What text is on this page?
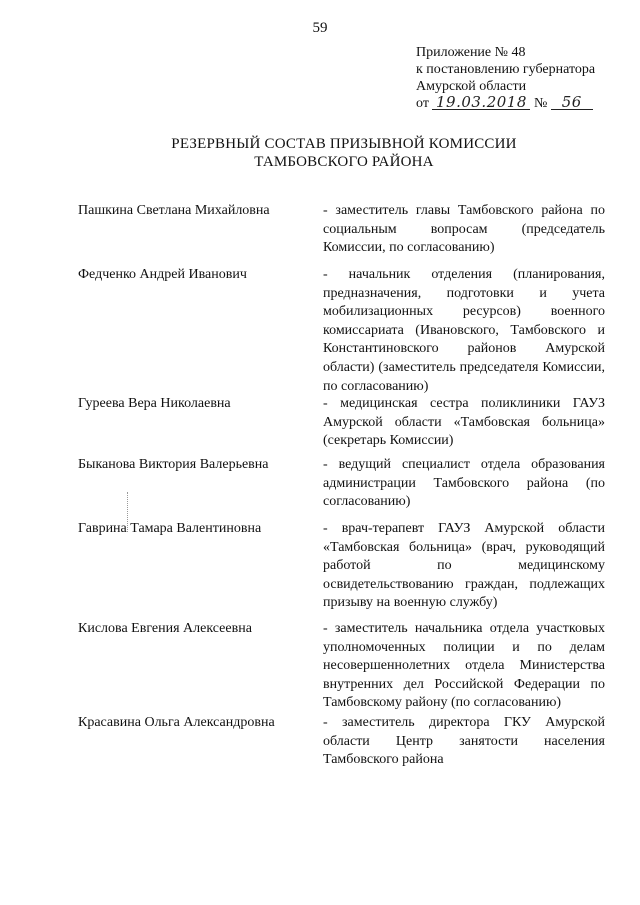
59
Приложение № 48
к постановлению губернатора
Амурской области
от 19.03.2018 № 56
РЕЗЕРВНЫЙ СОСТАВ ПРИЗЫВНОЙ КОМИССИИ
ТАМБОВСКОГО РАЙОНА
Пашкина Светлана Михайловна	- заместитель главы Тамбовского района по социальным вопросам (председатель Комиссии, по согласованию)
Федченко Андрей Иванович	- начальник отделения (планирования, предназначения, подготовки и учета мобилизационных ресурсов) военного комиссариата (Ивановского, Тамбовского и Константиновского районов Амурской области) (заместитель председателя Комиссии, по согласованию)
Гуреева Вера Николаевна	- медицинская сестра поликлиники ГАУЗ Амурской области «Тамбовская больница» (секретарь Комиссии)
Быканова Виктория Валерьевна	- ведущий специалист отдела образования администрации Тамбовского района (по согласованию)
Гаврина Тамара Валентиновна	- врач-терапевт ГАУЗ Амурской области «Тамбовская больница» (врач, руководящий работой по медицинскому освидетельствованию граждан, подлежащих призыву на военную службу)
Кислова Евгения Алексеевна	- заместитель начальника отдела участковых уполномоченных полиции и по делам несовершеннолетних отдела Министерства внутренних дел Российской Федерации по Тамбовскому району (по согласованию)
Красавина Ольга Александровна	- заместитель директора ГКУ Амурской области Центр занятости населения Тамбовского района
